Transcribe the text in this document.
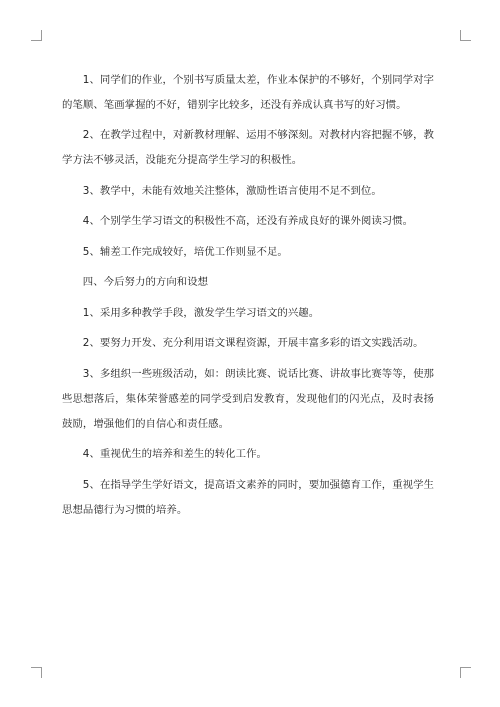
1、同学们的作业，个别书写质量太差，作业本保护的不够好，个别同学对字的笔顺、笔画掌握的不好，错别字比较多，还没有养成认真书写的好习惯。

2、在教学过程中，对新教材理解、运用不够深刻。对教材内容把握不够，教学方法不够灵活，没能充分提高学生学习的积极性。

3、教学中，未能有效地关注整体，激励性语言使用不足不到位。

4、个别学生学习语文的积极性不高，还没有养成良好的课外阅读习惯。

5、辅差工作完成较好，培优工作则显不足。

四、今后努力的方向和设想

1、采用多种教学手段，激发学生学习语文的兴趣。

2、要努力开发、充分利用语文课程资源，开展丰富多彩的语文实践活动。

3、多组织一些班级活动，如：朗读比赛、说话比赛、讲故事比赛等等，使那些思想落后，集体荣誉感差的同学受到启发教育，发现他们的闪光点，及时表扬鼓励，增强他们的自信心和责任感。

4、重视优生的培养和差生的转化工作。

5、在指导学生学好语文，提高语文素养的同时，要加强德育工作，重视学生思想品德行为习惯的培养。
